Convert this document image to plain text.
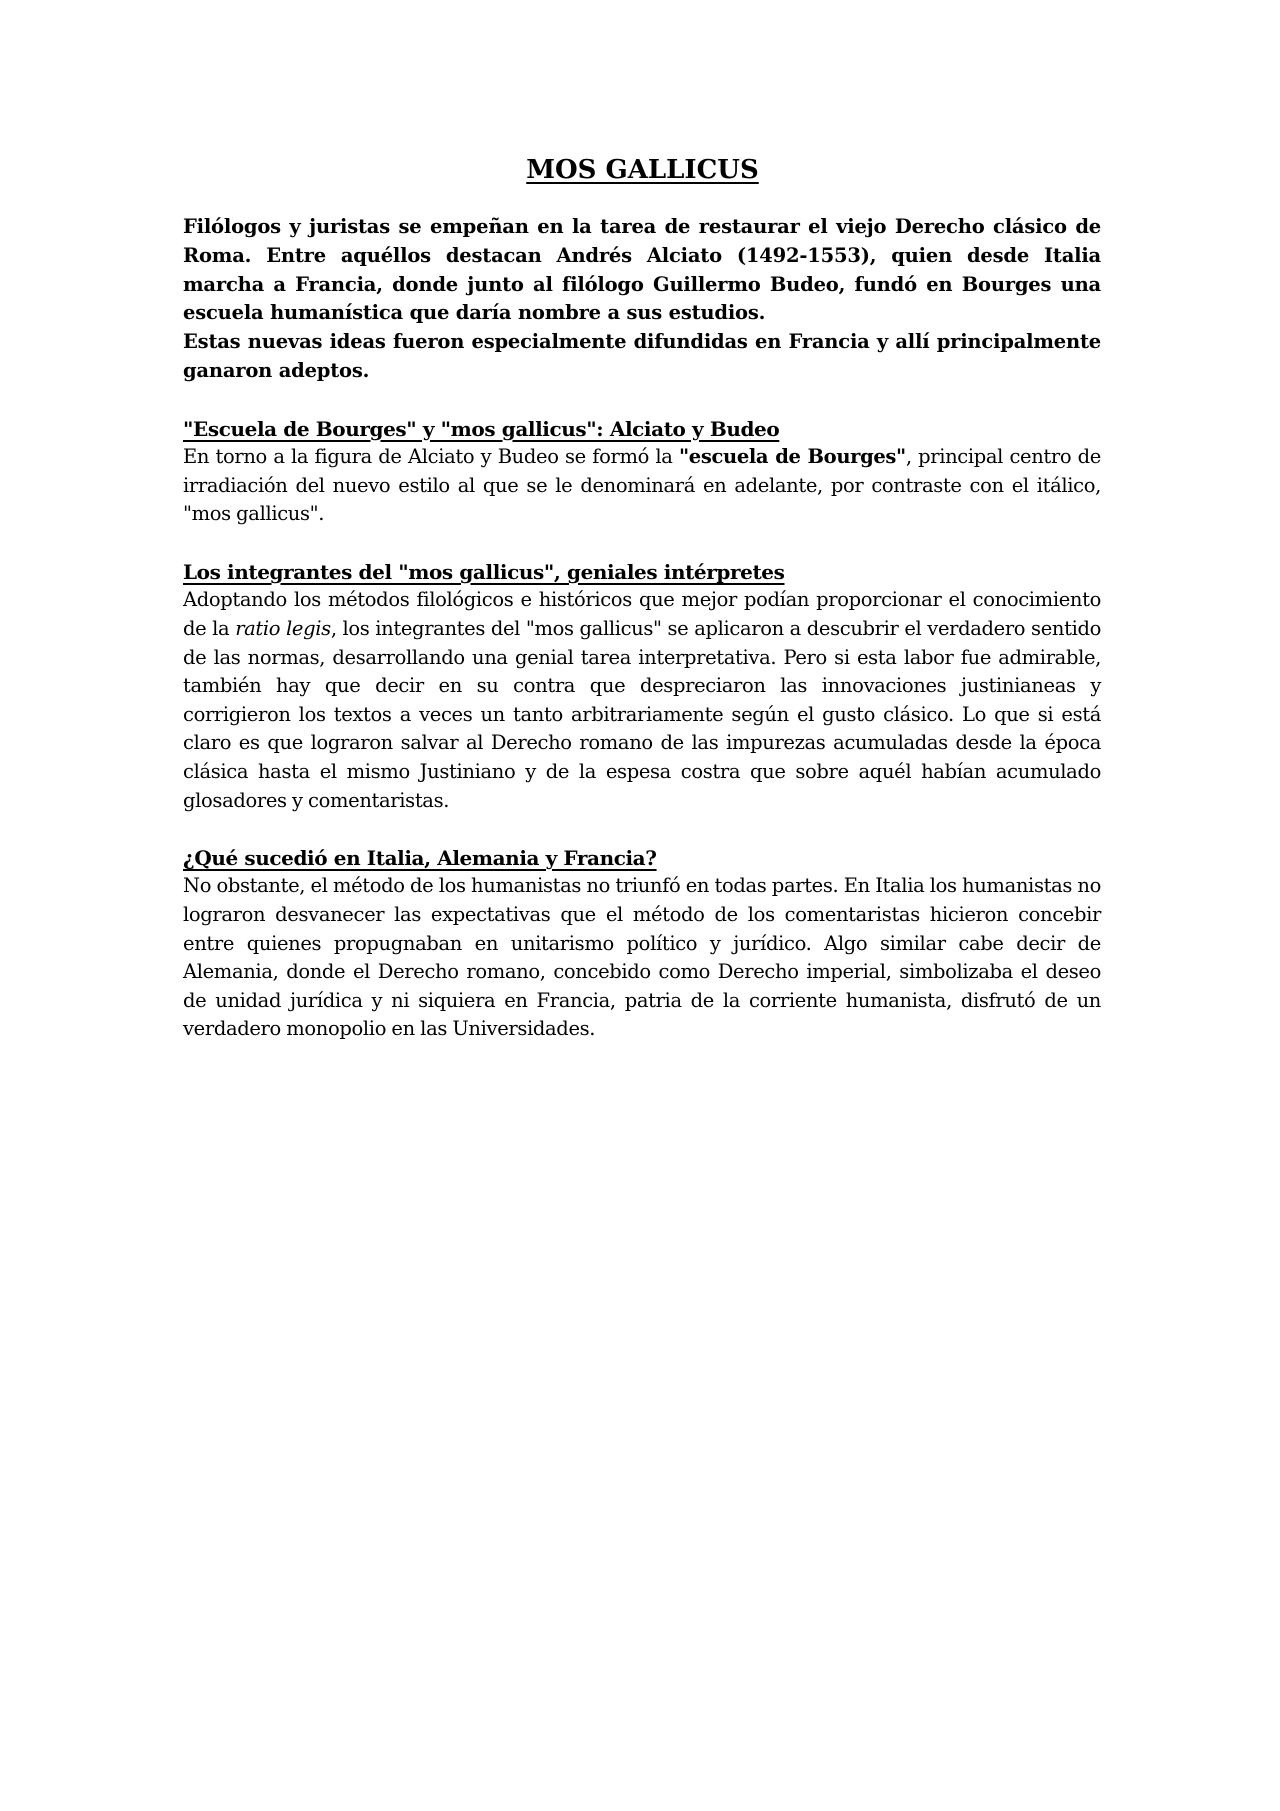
MOS GALLICUS

Filólogos y juristas se empeñan en la tarea de restaurar el viejo Derecho clásico de Roma. Entre aquéllos destacan Andrés Alciato (1492-1553), quien desde Italia marcha a Francia, donde junto al filólogo Guillermo Budeo, fundó en Bourges una escuela humanística que daría nombre a sus estudios.

Estas nuevas ideas fueron especialmente difundidas en Francia y allí principalmente ganaron adeptos.

"Escuela de Bourges" y "mos gallicus": Alciato y Budeo

En torno a la figura de Alciato y Budeo se formó la "escuela de Bourges", principal centro de irradiación del nuevo estilo al que se le denominará en adelante, por contraste con el itálico, "mos gallicus".

Los integrantes del "mos gallicus", geniales intérpretes

Adoptando los métodos filológicos e históricos que mejor podían proporcionar el conocimiento de la ratio legis, los integrantes del "mos gallicus" se aplicaron a descubrir el verdadero sentido de las normas, desarrollando una genial tarea interpretativa. Pero si esta labor fue admirable, también hay que decir en su contra que despreciaron las innovaciones justinianeas y corrigieron los textos a veces un tanto arbitrariamente según el gusto clásico. Lo que si está claro es que lograron salvar al Derecho romano de las impurezas acumuladas desde la época clásica hasta el mismo Justiniano y de la espesa costra que sobre aquél habían acumulado glosadores y comentaristas.

¿Qué sucedió en Italia, Alemania y Francia?

No obstante, el método de los humanistas no triunfó en todas partes. En Italia los humanistas no lograron desvanecer las expectativas que el método de los comentaristas hicieron concebir entre quienes propugnaban en unitarismo político y jurídico. Algo similar cabe decir de Alemania, donde el Derecho romano, concebido como Derecho imperial, simbolizaba el deseo de unidad jurídica y ni siquiera en Francia, patria de la corriente humanista, disfrutó de un verdadero monopolio en las Universidades.
